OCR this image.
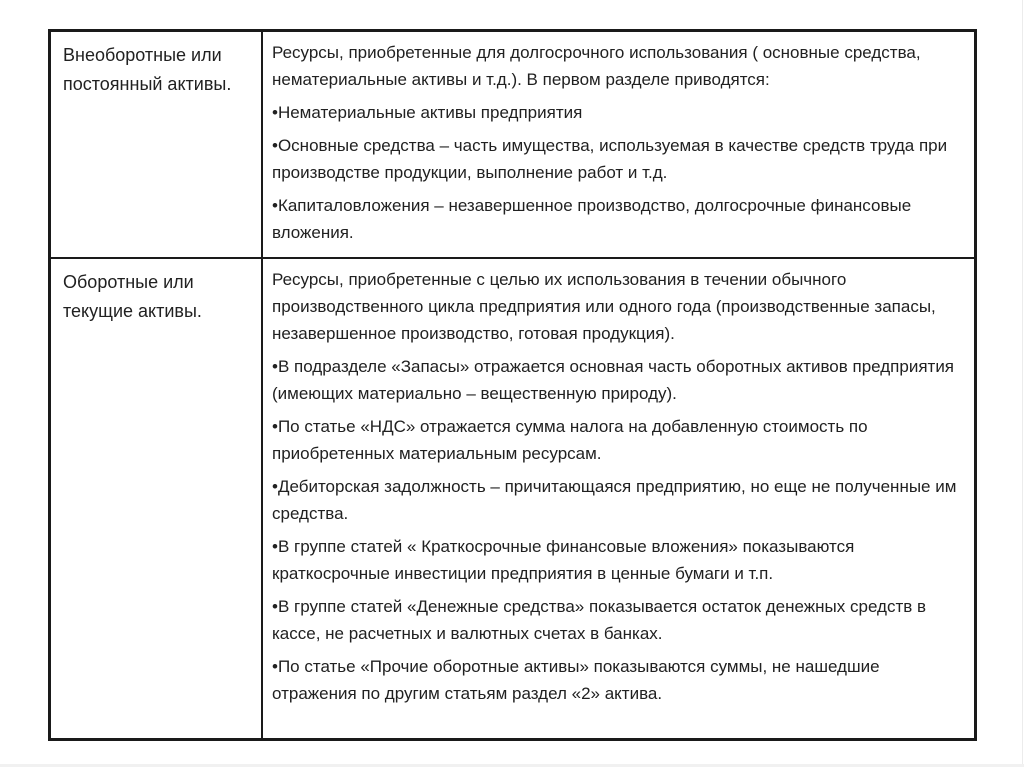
Внеоборотные или постоянный активы.
Ресурсы, приобретенные для долгосрочного использования ( основные средства, нематериальные активы и т.д.). В первом разделе приводятся:
•Нематериальные активы предприятия
•Основные средства – часть имущества, используемая в качестве средств труда при производстве продукции, выполнение работ и т.д.
•Капиталовложения – незавершенное производство, долгосрочные финансовые вложения.
Оборотные или текущие активы.
Ресурсы, приобретенные с целью их использования в течении обычного производственного цикла предприятия или одного года (производственные запасы, незавершенное производство, готовая продукция).
•В подразделе «Запасы» отражается основная часть оборотных активов предприятия (имеющих материально – вещественную природу).
•По статье «НДС» отражается сумма налога на добавленную стоимость по приобретенных материальным ресурсам.
•Дебиторская задолжность – причитающаяся предприятию, но еще не полученные им средства.
•В группе статей « Краткосрочные финансовые вложения» показываются краткосрочные инвестиции предприятия в ценные бумаги и т.п.
•В группе статей «Денежные средства» показывается остаток денежных средств в кассе, не расчетных и валютных счетах в банках.
•По статье «Прочие оборотные активы» показываются суммы, не нашедшие отражения по другим статьям раздел «2» актива.
